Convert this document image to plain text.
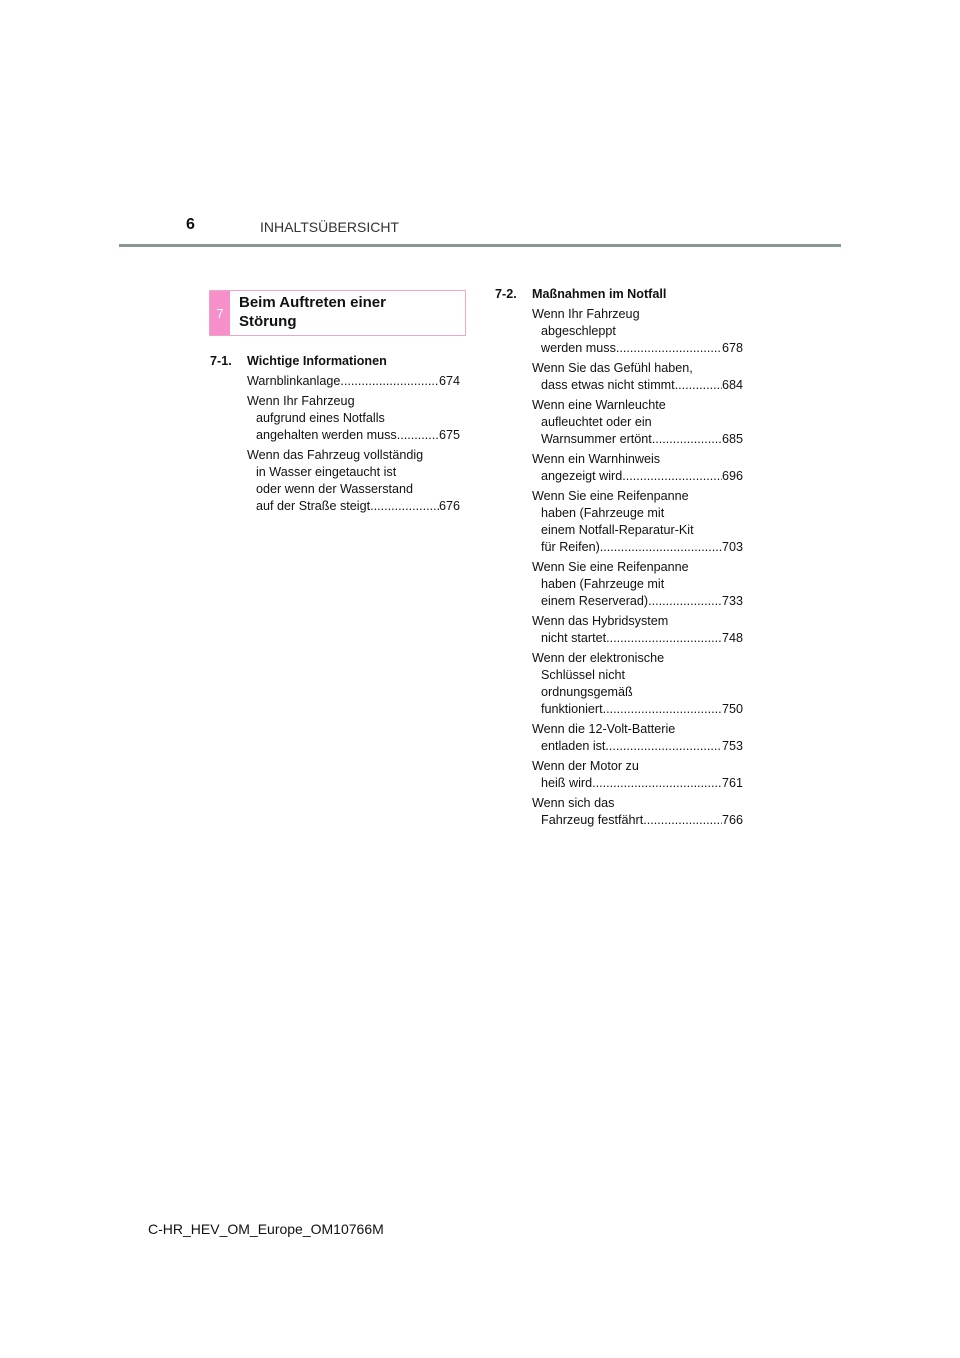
6	INHALTSÜBERSICHT
7
Beim Auftreten einer
Störung
7-1.	Wichtige Informationen
Warnblinkanlage .....	674
Wenn Ihr Fahrzeug
aufgrund eines Notfalls
angehalten werden muss .....	675
Wenn das Fahrzeug vollständig
in Wasser eingetaucht ist
oder wenn der Wasserstand
auf der Straße steigt .....	676
7-2.	Maßnahmen im Notfall
Wenn Ihr Fahrzeug
abgeschleppt
werden muss .....	678
Wenn Sie das Gefühl haben,
dass etwas nicht stimmt .....	684
Wenn eine Warnleuchte
aufleuchtet oder ein
Warnsummer ertönt .....	685
Wenn ein Warnhinweis
angezeigt wird .....	696
Wenn Sie eine Reifenpanne
haben (Fahrzeuge mit
einem Notfall-Reparatur-Kit
für Reifen) .....	703
Wenn Sie eine Reifenpanne
haben (Fahrzeuge mit
einem Reserverad) .....	733
Wenn das Hybridsystem
nicht startet .....	748
Wenn der elektronische
Schlüssel nicht
ordnungsgemäß
funktioniert .....	750
Wenn die 12-Volt-Batterie
entladen ist .....	753
Wenn der Motor zu
heiß wird .....	761
Wenn sich das
Fahrzeug festfährt .....	766
C-HR_HEV_OM_Europe_OM10766M
